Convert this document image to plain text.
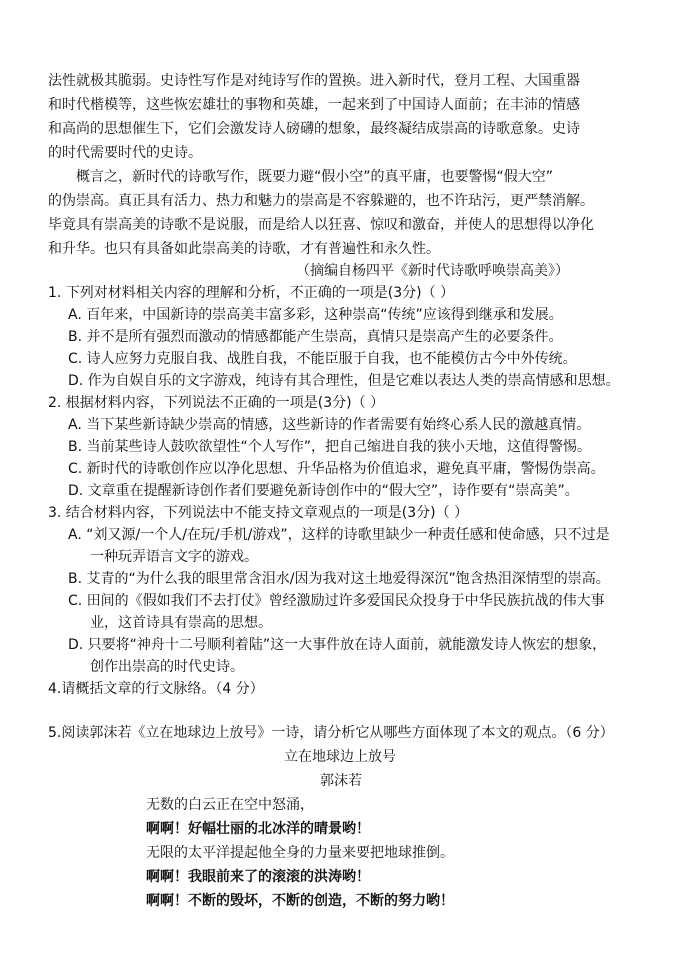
法性就极其脆弱。史诗性写作是对纯诗写作的置换。进入新时代，登月工程、大国重器
和时代楷模等，这些恢宏雄壮的事物和英雄，一起来到了中国诗人面前；在丰沛的情感
和高尚的思想催生下，它们会激发诗人磅礴的想象，最终凝结成崇高的诗歌意象。史诗
的时代需要时代的史诗。
概言之，新时代的诗歌写作，既要力避“假小空”的真平庸，也要警惕“假大空”
的伪崇高。真正具有活力、热力和魅力的崇高是不容躲避的，也不许玷污，更严禁消解。
毕竟具有崇高美的诗歌不是说服，而是给人以狂喜、惊叹和激奋，并使人的思想得以净化
和升华。也只有具备如此崇高美的诗歌，才有普遍性和永久性。
（摘编自杨四平《新时代诗歌呼唤崇高美》）
1. 下列对材料相关内容的理解和分析，不正确的一项是(3分)（ ）
A. 百年来，中国新诗的崇高美丰富多彩，这种崇高“传统”应该得到继承和发展。
B. 并不是所有强烈而激动的情感都能产生崇高，真情只是崇高产生的必要条件。
C. 诗人应努力克服自我、战胜自我，不能臣服于自我，也不能模仿古今中外传统。
D. 作为自娱自乐的文字游戏，纯诗有其合理性，但是它难以表达人类的崇高情感和思想。
2. 根据材料内容，下列说法不正确的一项是(3分)（ ）
A. 当下某些新诗缺少崇高的情感，这些新诗的作者需要有始终心系人民的激越真情。
B. 当前某些诗人鼓吹欲望性“个人写作”，把自己缩进自我的狭小天地，这值得警惕。
C. 新时代的诗歌创作应以净化思想、升华品格为价值追求，避免真平庸，警惕伪崇高。
D. 文章重在提醒新诗创作者们要避免新诗创作中的“假大空”，诗作要有“崇高美”。
3. 结合材料内容，下列说法中不能支持文章观点的一项是(3分)（ ）
A. “刘又源/一个人/在玩/手机/游戏”，这样的诗歌里缺少一种责任感和使命感，只不过是
一种玩弄语言文字的游戏。
B. 艾青的“为什么我的眼里常含泪水/因为我对这土地爱得深沉”饱含热泪深情型的崇高。
C. 田间的《假如我们不去打仗》曾经激励过许多爱国民众投身于中华民族抗战的伟大事
业，这首诗具有崇高的思想。
D. 只要将“神舟十二号顺利着陆”这一大事件放在诗人面前，就能激发诗人恢宏的想象，
创作出崇高的时代史诗。
4.请概括文章的行文脉络。（4 分）
5.阅读郭沫若《立在地球边上放号》一诗，请分析它从哪些方面体现了本文的观点。（6 分）
立在地球边上放号
郭沫若
无数的白云正在空中怒涌，
啊啊！好幅壮丽的北冰洋的晴景哟！
无限的太平洋提起他全身的力量来要把地球推倒。
啊啊！我眼前来了的滚滚的洪涛哟！
啊啊！不断的毁坏，不断的创造，不断的努力哟！
